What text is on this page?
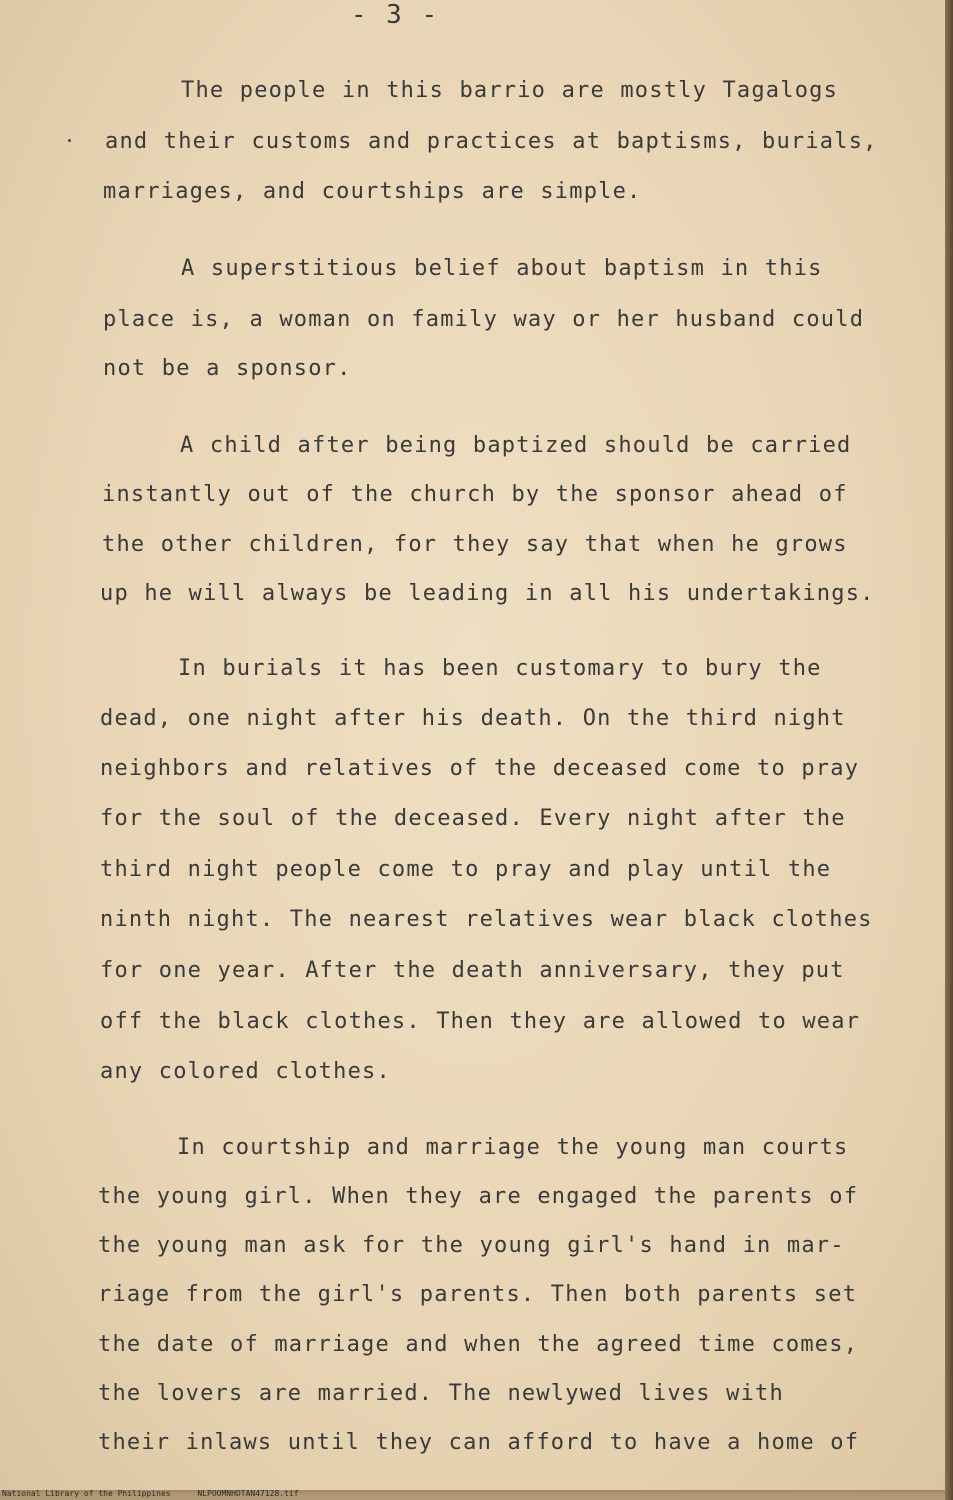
- 3 -
The people in this barrio are mostly Tagalogs
and their customs and practices at baptisms, burials,
marriages, and courtships are simple.
A superstitious belief about baptism in this
place is, a woman on family way or her husband could
not be a sponsor.
A child after being baptized should be carried
instantly out of the church by the sponsor ahead of
the other children, for they say that when he grows
up he will always be leading in all his undertakings.
In burials it has been customary to bury the
dead, one night after his death. On the third night
neighbors and relatives of the deceased come to pray
for the soul of the deceased. Every night after the
third night people come to pray and play until the
ninth night. The nearest relatives wear black clothes
for one year. After the death anniversary, they put
off the black clothes. Then they are allowed to wear
any colored clothes.
In courtship and marriage the young man courts
the young girl. When they are engaged the parents of
the young man ask for the young girl's hand in mar-
riage from the girl's parents. Then both parents set
the date of marriage and when the agreed time comes,
the lovers are married. The newlywed lives with
their inlaws until they can afford to have a home of
National Library of the Philippines	NLPOOMNHDTAN47128.tif
